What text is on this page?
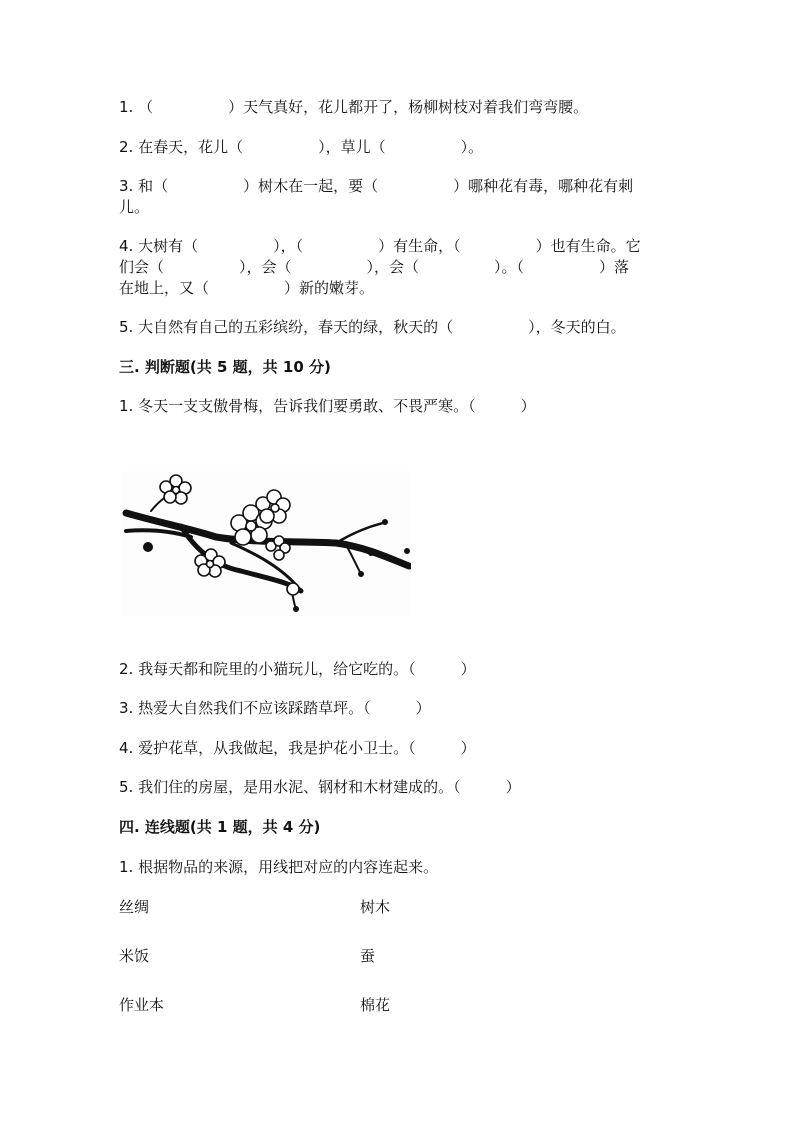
1. （　　　　　）天气真好，花儿都开了，杨柳树枝对着我们弯弯腰。
2. 在春天，花儿（　　　　　），草儿（　　　　　）。
3. 和（　　　　　）树木在一起，要（　　　　　）哪种花有毒，哪种花有刺
儿。
4. 大树有（　　　　　），（　　　　　）有生命，（　　　　　）也有生命。它
们会（　　　　　），会（　　　　　），会（　　　　　）。（　　　　　）落
在地上，又（　　　　　）新的嫩芽。
5. 大自然有自己的五彩缤纷，春天的绿，秋天的（　　　　　），冬天的白。
三. 判断题(共 5 题，共 10 分)
1. 冬天一支支傲骨梅，告诉我们要勇敢、不畏严寒。（　　　）
2. 我每天都和院里的小猫玩儿，给它吃的。（　　　）
3. 热爱大自然我们不应该踩踏草坪。（　　　）
4. 爱护花草，从我做起，我是护花小卫士。（　　　）
5. 我们住的房屋，是用水泥、钢材和木材建成的。（　　　）
四. 连线题(共 1 题，共 4 分)
1. 根据物品的来源，用线把对应的内容连起来。
丝绸	树木
米饭	蚕
作业本	棉花
